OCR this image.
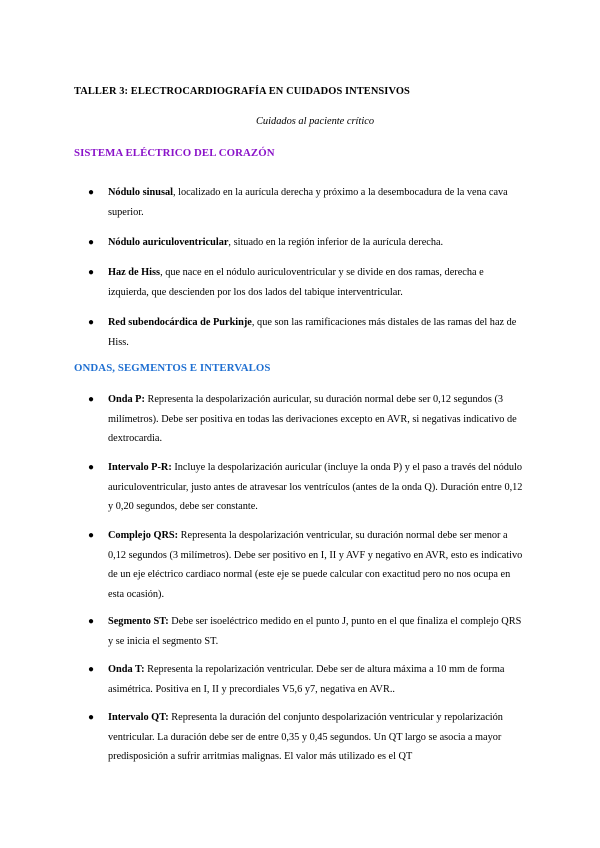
TALLER 3: ELECTROCARDIOGRAFÍA EN CUIDADOS INTENSIVOS

Cuidados al paciente crítico

SISTEMA ELÉCTRICO DEL CORAZÓN
● Nódulo sinusal, localizado en la aurícula derecha y próximo a la desembocadura de la vena cava superior.
● Nódulo auriculoventricular, situado en la región inferior de la aurícula derecha.
● Haz de Hiss, que nace en el nódulo auriculoventricular y se divide en dos ramas, derecha e izquierda, que descienden por los dos lados del tabique interventricular.
● Red subendocárdica de Purkinje, que son las ramificaciones más distales de las ramas del haz de Hiss.
ONDAS, SEGMENTOS E INTERVALOS
● Onda P: Representa la despolarización auricular, su duración normal debe ser 0,12 segundos (3 milímetros). Debe ser positiva en todas las derivaciones excepto en AVR, si negativas indicativo de dextrocardia.
● Intervalo P-R: Incluye la despolarización auricular (incluye la onda P) y el paso a través del nódulo auriculoventricular, justo antes de atravesar los ventrículos (antes de la onda Q). Duración entre 0,12 y 0,20 segundos, debe ser constante.
● Complejo QRS: Representa la despolarización ventricular, su duración normal debe ser menor a 0,12 segundos (3 milímetros). Debe ser positivo en I, II y AVF y negativo en AVR, esto es indicativo de un eje eléctrico cardiaco normal (este eje se puede calcular con exactitud pero no nos ocupa en esta ocasión).
● Segmento ST: Debe ser isoeléctrico medido en el punto J, punto en el que finaliza el complejo QRS y se inicia el segmento ST.
● Onda T: Representa la repolarización ventricular. Debe ser de altura máxima a 10 mm de forma asimétrica. Positiva en I, II y precordiales V5,6 y7, negativa en AVR..
● Intervalo QT: Representa la duración del conjunto despolarización ventricular y repolarización ventricular. La duración debe ser de entre 0,35 y 0,45 segundos. Un QT largo se asocia a mayor predisposición a sufrir arritmias malignas. El valor más utilizado es el QT
